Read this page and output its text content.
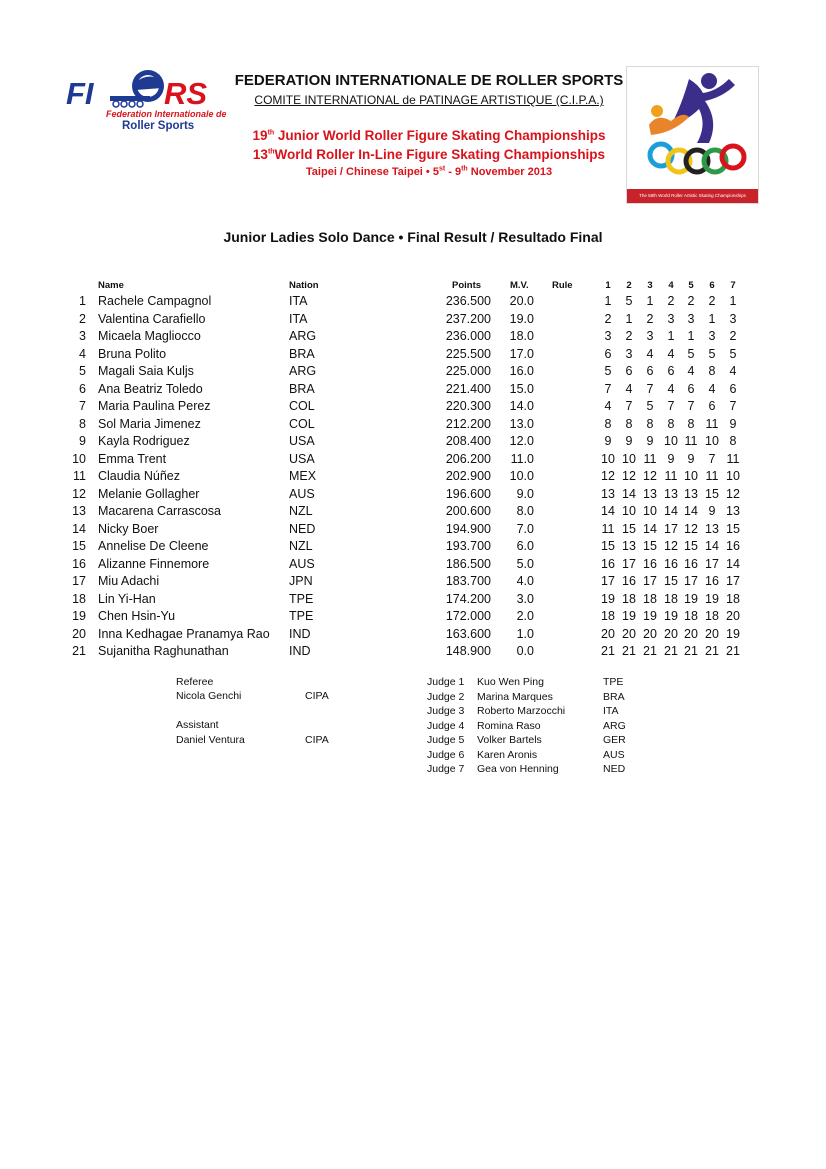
FI RS
Federation Internationale de
Roller Sports
FEDERATION INTERNATIONALE DE ROLLER SPORTS
COMITE INTERNATIONAL de PATINAGE ARTISTIQUE (C.I.P.A.)
19th Junior World Roller Figure Skating Championships
13thWorld Roller In-Line Figure Skating Championships
Taipei / Chinese Taipei • 5st - 9th November 2013
The 58th World Roller Artistic Skating Championships
Junior Ladies Solo Dance • Final Result / Resultado Final
Name	Nation	Points	M.V.	Rule	1	2	3	4	5	6	7
1 Rachele Campagnol	ITA	236.500	20.0	1	5	1	2	2	2	1
2 Valentina Carafiello	ITA	237.200	19.0	2	1	2	3	3	1	3
3 Micaela Magliocco	ARG	236.000	18.0	3	2	3	1	1	3	2
4 Bruna Polito	BRA	225.500	17.0	6	3	4	4	5	5	5
5 Magali Saia Kuljs	ARG	225.000	16.0	5	6	6	6	4	8	4
6 Ana Beatriz Toledo	BRA	221.400	15.0	7	4	7	4	6	4	6
7 Maria Paulina Perez	COL	220.300	14.0	4	7	5	7	7	6	7
8 Sol Maria Jimenez	COL	212.200	13.0	8	8	8	8	8 11 9
9 Kayla Rodriguez	USA	208.400	12.0	9	9	9 10 11 10 8
10 Emma Trent	USA	206.200	11.0	10 10 11 9	9	7 11
11 Claudia Núñez	MEX	202.900	10.0	12 12 12 11 10 11 10
12 Melanie Gollagher	AUS	196.600	9.0	13 14 13 13 13 15 12
13 Macarena Carrascosa	NZL	200.600	8.0	14 10 10 14 14 9 13
14 Nicky Boer	NED	194.900	7.0	11 15 14 17 12 13 15
15 Annelise De Cleene	NZL	193.700	6.0	15 13 15 12 15 14 16
16 Alizanne Finnemore	AUS	186.500	5.0	16 17 16 16 16 17 14
17 Miu Adachi	JPN	183.700	4.0	17 16 17 15 17 16 17
18 Lin Yi-Han	TPE	174.200	3.0	19 18 18 18 19 19 18
19 Chen Hsin-Yu	TPE	172.000	2.0	18 19 19 19 18 18 20
20 Inna Kedhagae Pranamya Rao IND	163.600	1.0	20 20 20 20 20 20 19
21 Sujanitha Raghunathan	IND	148.900	0.0	21 21 21 21 21 21 21
Referee
Nicola Genchi	CIPA
Assistant
Daniel Ventura	CIPA
Judge 1 Kuo Wen Ping	TPE
Judge 2 Marina Marques	BRA
Judge 3 Roberto Marzocchi	ITA
Judge 4 Romina Raso	ARG
Judge 5 Volker Bartels	GER
Judge 6 Karen Aronis	AUS
Judge 7 Gea von Henning	NED
